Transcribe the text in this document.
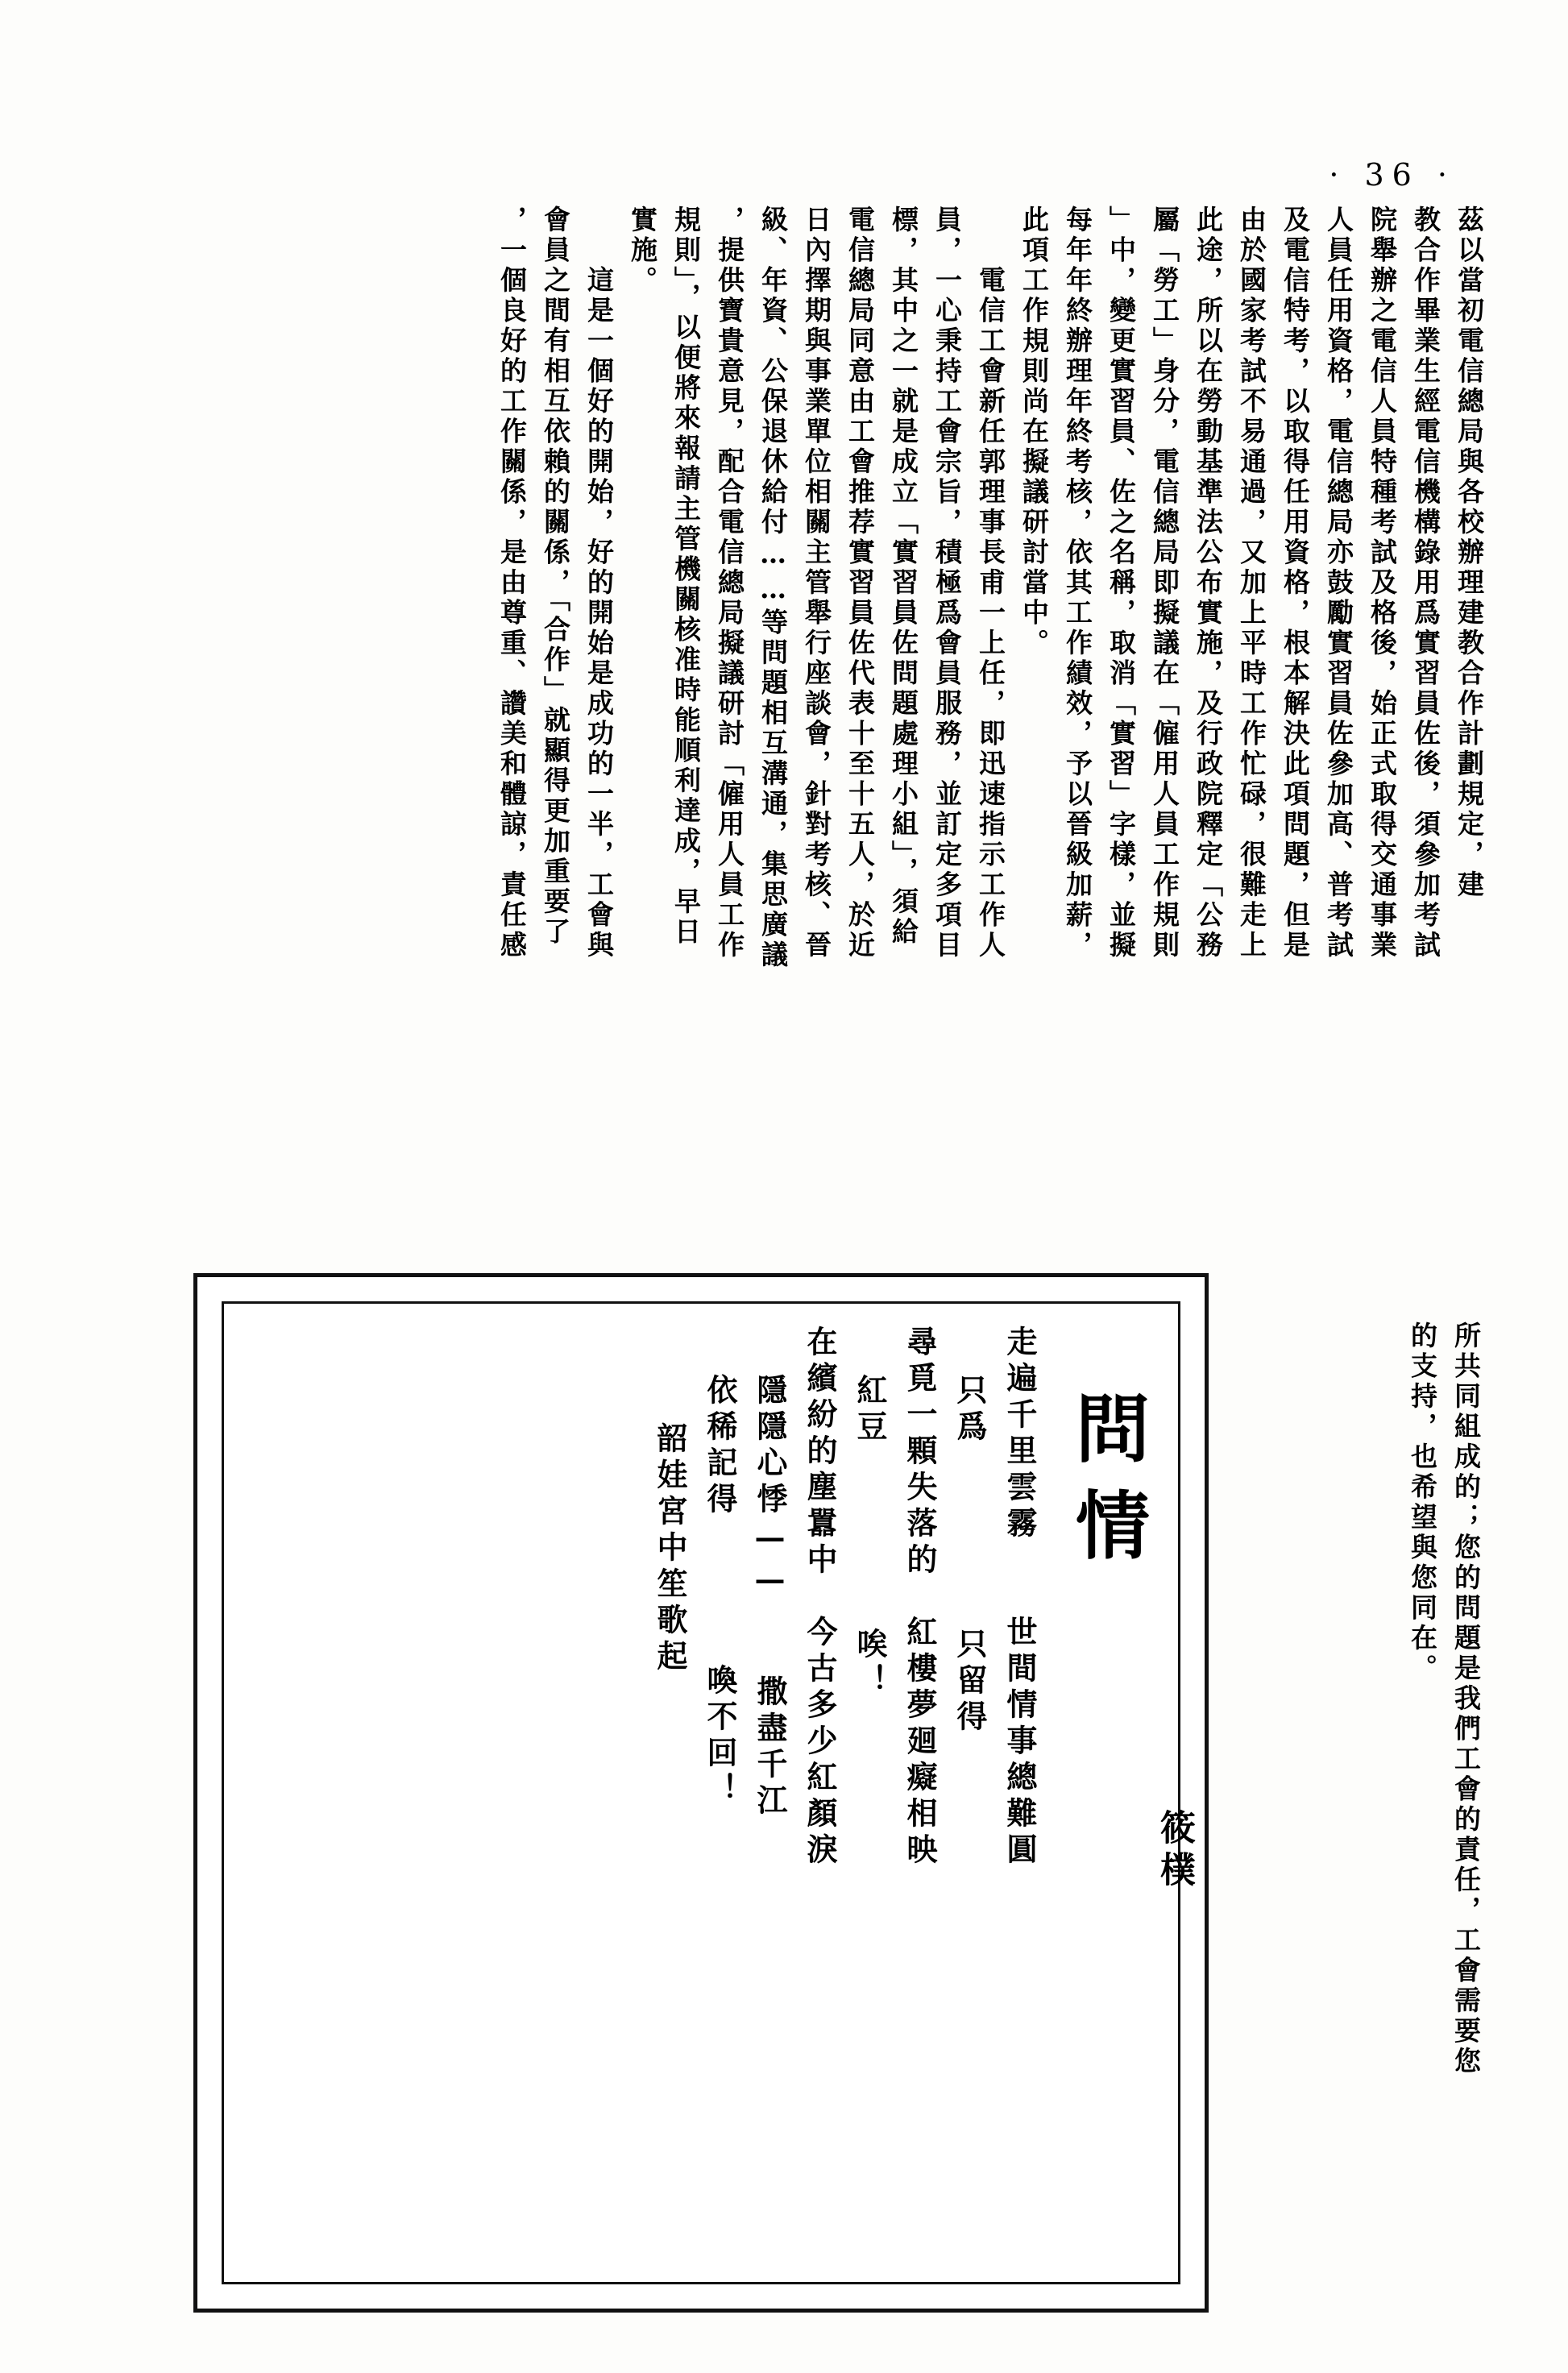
· 36 ·
茲以當初電信總局與各校辦理建教合作計劃規定，建
教合作畢業生經電信機構錄用爲實習員佐後，須參加考試
院舉辦之電信人員特種考試及格後，始正式取得交通事業
人員任用資格，電信總局亦鼓勵實習員佐參加高、普考試
及電信特考，以取得任用資格，根本解決此項問題，但是
由於國家考試不易通過，又加上平時工作忙碌，很難走上
此途，所以在勞動基準法公布實施，及行政院釋定「公務
屬「勞工」身分，電信總局即擬議在「僱用人員工作規則
」中，變更實習員、佐之名稱，取消「實習」字樣，並擬
每年年終辦理年終考核，依其工作績效，予以晉級加薪，
此項工作規則尚在擬議研討當中。
　　電信工會新任郭理事長甫一上任，即迅速指示工作人
員，一心秉持工會宗旨，積極爲會員服務，並訂定多項目
標，其中之一就是成立「實習員佐問題處理小組」，須給
電信總局同意由工會推荐實習員佐代表十至十五人，於近
日內擇期與事業單位相關主管舉行座談會，針對考核、晉
級、年資、公保退休給付……等問題相互溝通，集思廣議
，提供寶貴意見，配合電信總局擬議研討「僱用人員工作
規則」，以便將來報請主管機關核准時能順利達成，早日
實施。
　　這是一個好的開始，好的開始是成功的一半，工會與
會員之間有相互依賴的關係，「合作」就顯得更加重要了
，一個良好的工作關係，是由尊重、讚美和體諒，責任感
所共同組成的；您的問題是我們工會的責任，工會需要您
的支持，也希望與您同在。
問情
走遍千里雲霧　　世間情事總難圓
只爲　　　　　只留得
尋覓一顆失落的　紅樓夢廻癡相映
紅豆　　　　　唉！
在繽紛的塵囂中　今古多少紅顏淚
隱隱心悸——　　撒盡千江
依稀記得　　　　喚不回！
韶娃宮中笙歌起
筱樸
